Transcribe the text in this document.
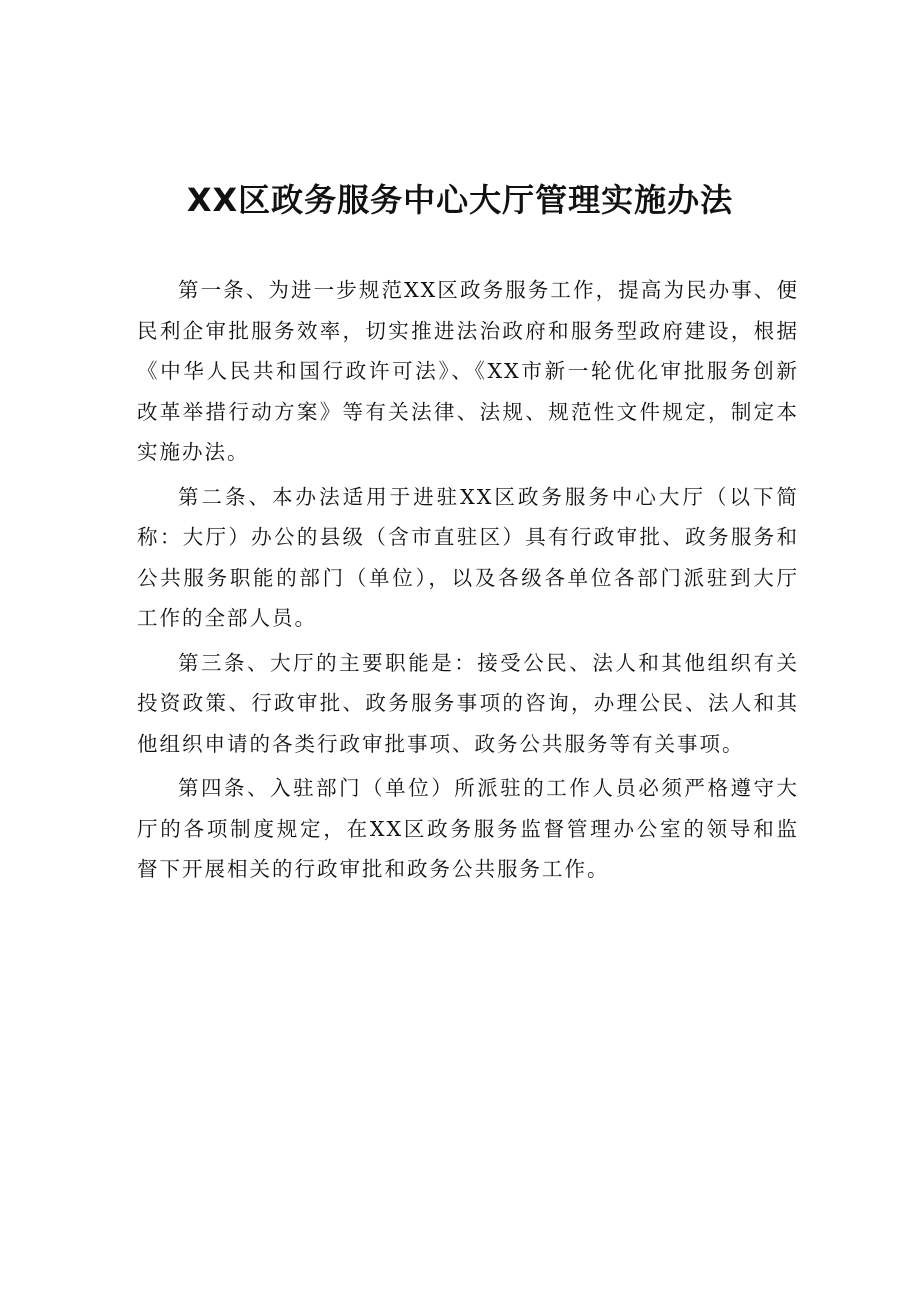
XX区政务服务中心大厅管理实施办法

第一条、为进一步规范XX区政务服务工作，提高为民办事、便民利企审批服务效率，切实推进法治政府和服务型政府建设，根据《中华人民共和国行政许可法》、《XX市新一轮优化审批服务创新改革举措行动方案》等有关法律、法规、规范性文件规定，制定本实施办法。

第二条、本办法适用于进驻XX区政务服务中心大厅（以下简称：大厅）办公的县级（含市直驻区）具有行政审批、政务服务和公共服务职能的部门（单位），以及各级各单位各部门派驻到大厅工作的全部人员。

第三条、大厅的主要职能是：接受公民、法人和其他组织有关投资政策、行政审批、政务服务事项的咨询，办理公民、法人和其他组织申请的各类行政审批事项、政务公共服务等有关事项。

第四条、入驻部门（单位）所派驻的工作人员必须严格遵守大厅的各项制度规定，在XX区政务服务监督管理办公室的领导和监督下开展相关的行政审批和政务公共服务工作。
